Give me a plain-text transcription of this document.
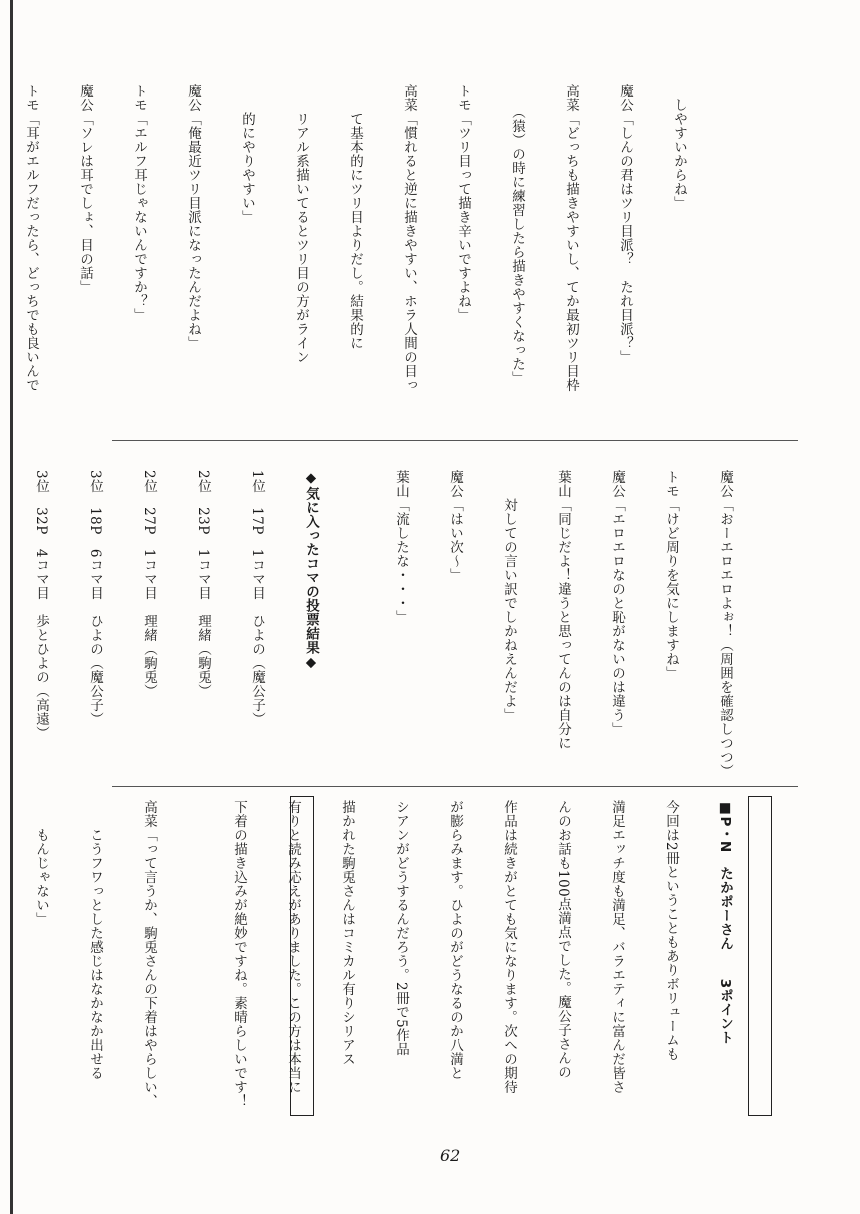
　しやすいからね」

魔公「しんの君はツリ目派？　たれ目派？」

高菜「どっちも描きやすいし、てか最初ツリ目枠

　　（猿）の時に練習したら描きやすくなった」

トモ「ツリ目って描き辛いですよね」

高菜「慣れると逆に描きやすい、ホラ人間の目っ

　　て基本的にツリ目よりだし。結果的に

　　リアル系描いてるとツリ目の方がライン

　　的にやりやすい」

魔公「俺最近ツリ目派になったんだよね」

トモ「エルフ耳じゃないんですか？」

魔公「ソレは耳でしょ、目の話」

トモ「耳がエルフだったら、どっちでも良いんで

魔公「おーエロエロよぉ！（周囲を確認しつつ）

トモ「けど周りを気にしますね」

魔公「エロエロなのと恥がないのは違う」

葉山「同じだよ！違うと思ってんのは自分に

　　対しての言い訳でしかねえんだよ」

魔公「はい次〜」

葉山「流したな・・・」

◆気に入ったコマの投票結果◆

1位　17P　1コマ目　ひよの（魔公子）

2位　23P　1コマ目　理緒（駒兎）

2位　27P　1コマ目　理緒（駒兎）

3位　18P　6コマ目　ひよの（魔公子）

3位　32P　4コマ目　歩とひよの（高遠）

■P・N　たかポーさん　　3ポイント

今回は2冊ということもありボリュームも

満足エッチ度も満足、バラエティに富んだ皆さ

んのお話も100点満点でした。魔公子さんの

作品は続きがとても気になります。次への期待

が膨らみます。ひよのがどうなるのか八満と

シアンがどうするんだろう。2冊で5作品

描かれた駒兎さんはコミカル有りシリアス

有りと読み応えがありました。この方は本当に

下着の描き込みが絶妙ですね。素晴らしいです！

高菜「って言うか、駒兎さんの下着はやらしい、

　　こうフワっとした感じはなかなか出せる

　　もんじゃない」

62
